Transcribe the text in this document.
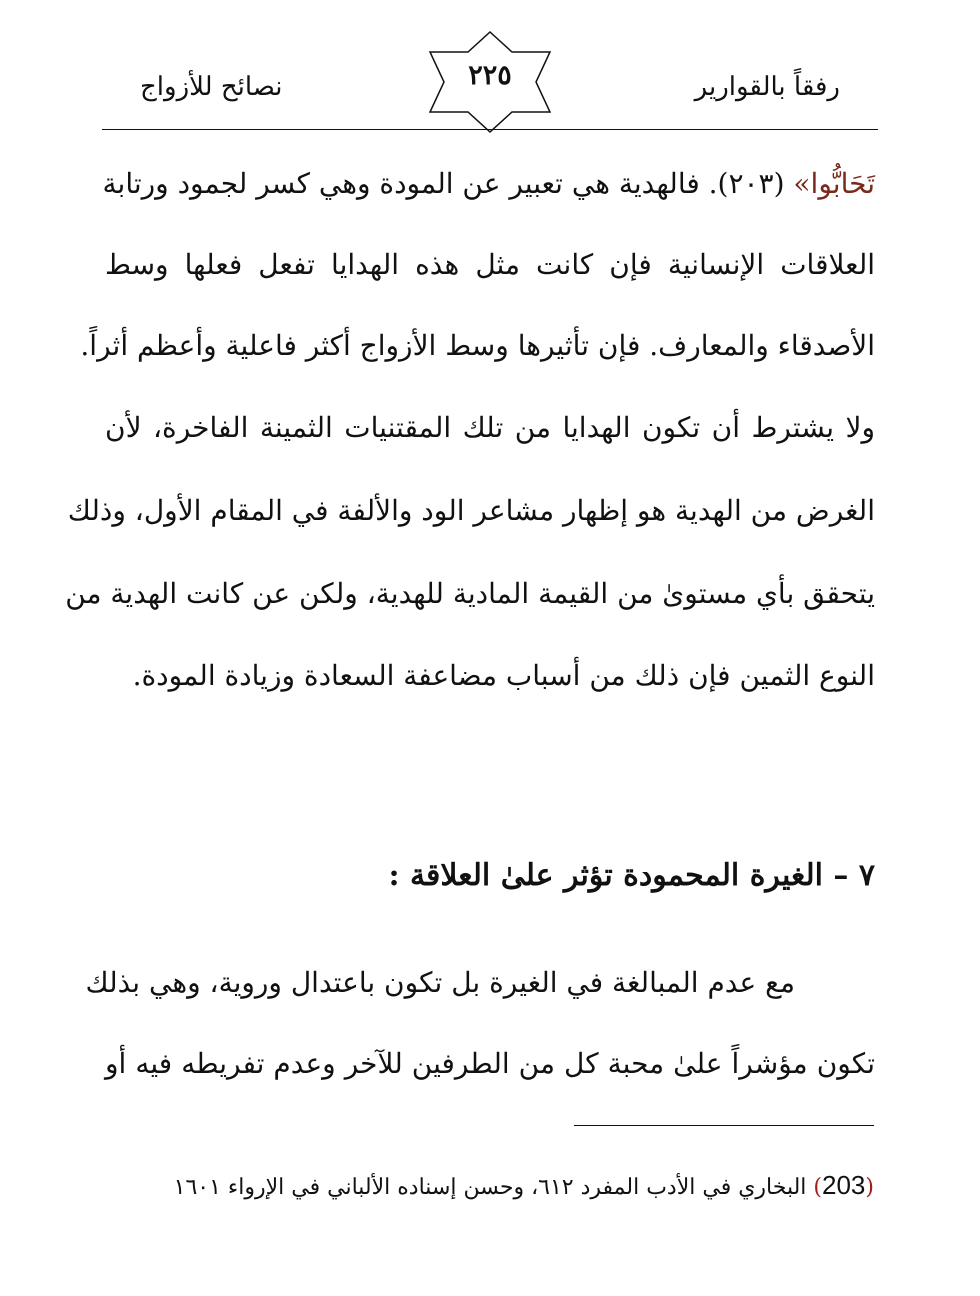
رفقاً بالقوارير
٢٢٥
نصائح للأزواج
تَحَابُّوا» (٢٠٣). فالهدية هي تعبير عن المودة وهي كسر لجمود ورتابة
العلاقات الإنسانية فإن كانت مثل هذه الهدايا تفعل فعلها وسط
الأصدقاء والمعارف. فإن تأثيرها وسط الأزواج أكثر فاعلية وأعظم أثراً.
ولا يشترط أن تكون الهدايا من تلك المقتنيات الثمينة الفاخرة، لأن
الغرض من الهدية هو إظهار مشاعر الود والألفة في المقام الأول، وذلك
يتحقق بأي مستوىٰ من القيمة المادية للهدية، ولكن عن كانت الهدية من
النوع الثمين فإن ذلك من أسباب مضاعفة السعادة وزيادة المودة.
٧ – الغيرة المحمودة تؤثر علىٰ العلاقة :
مع عدم المبالغة في الغيرة بل تكون باعتدال وروية، وهي بذلك
تكون مؤشراً علىٰ محبة كل من الطرفين للآخر وعدم تفريطه فيه أو
(203) البخاري في الأدب المفرد ٦١٢، وحسن إسناده الألباني في الإرواء ١٦٠١
